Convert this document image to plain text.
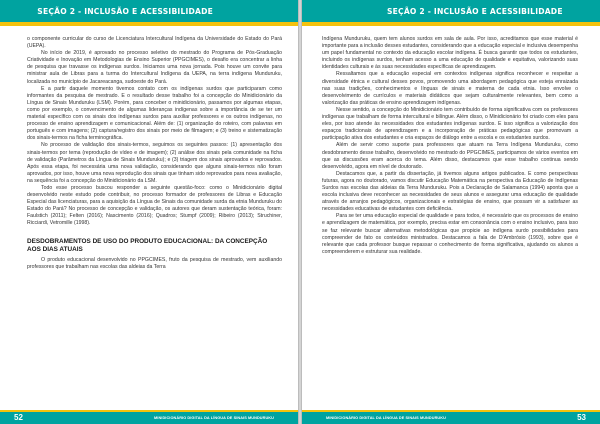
SEÇÃO 2 - INCLUSÃO E ACESSIBILIDADE

o componente curricular do curso de Licenciatura Intercultural Indígena da Universidade do Estado do Pará (UEPA).

No início de 2019, é aprovado no processo seletivo do mestrado do Programa de Pós-Graduação Criatividade e Inovação em Metodologias de Ensino Superior (PPGCIMES), o desafio era concentrar a linha de pesquisa que travasse os indígenas surdos. Iniciamos uma nova jornada. Pois houve um convite para ministrar aula de Libras para a turma do Intercultural Indígena da UEPA, na terra indígena Munduruku, localizada no município de Jacareacanga, sudoeste do Pará.

E a partir daquele momento tivemos contato com os indígenas surdos que participaram como informantes da pesquisa de mestrado. E o resultado desse trabalho foi a concepção do Minidicionário da Língua de Sinais Munduruku (LSM). Porém, para conceber o minidicionário, passamos por algumas etapas, como por exemplo, o convencimento de algumas lideranças indígenas sobre a importância de se ter um material específico com os sinais dos indígenas surdos para auxiliar professores e os outros indígenas, no processo de ensino aprendizagem e comunicacional. Além de: (1) organização do roteiro, com palavras em português e com imagens; (2) captura/registro dos sinais por meio de filmagem; e (3) treino e sistematização dos sinais-termos na ficha terminográfica.

No processo de validação dos sinais-termos, seguimos os seguintes passos: (1) apresentação dos sinais-termos por tema (reprodução de vídeo e de imagem); (2) análise dos sinais pela comunidade na ficha de validação (Parâmetros da Língua de Sinais Munduruku); e (3) triagem dos sinais aprovados e reprovados. Após essa etapa, foi necessária uma nova validação, considerando que alguns sinais-termos não foram aprovados, por isso, houve uma nova reprodução dos sinais que tinham sido reprovados para nova avaliação, na sequência foi a concepção do Minidicionário da LSM.

Todo esse processo buscou responder a seguinte questão-foco: como o Minidicionário digital desenvolvido neste estudo pode contribuir, no processo formador de professores de Libras e Educação Especial das licenciaturas, para a aquisição da Língua de Sinais da comunidade surda da etnia Munduruku do Estado do Pará? No processo de concepção e validação, os autores que deram sustentação teórica, foram: Faulstich (2011); Felten (2016); Nascimento (2016); Quadros; Stumpf (2009); Ribeiro (2013); Struchiner, Ricciardi, Vetromille (1998).

DESDOBRAMENTOS DE USO DO PRODUTO EDUCACIONAL: DA CONCEPÇÃO AOS DIAS ATUAIS

O produto educacional desenvolvido no PPGCIMES, fruto da pesquisa de mestrado, vem auxiliando professores que trabalham nas escolas das aldeias da Terra

52	MINIDICIONÁRIO DIGITAL DA LÍNGUA DE SINAIS MUNDURUKU
SEÇÃO 2 - INCLUSÃO E ACESSIBILIDADE

Indígena Munduruku, quem tem alunos surdos em sala de aula. Por isso, acreditamos que esse material é importante para a inclusão desses estudantes, considerando que a educação especial e inclusiva desempenha um papel fundamental no contexto da educação escolar indígena. É busca garantir que todos os estudantes, incluindo os indígenas surdos, tenham acesso a uma educação de qualidade e equitativa, valorizando suas identidades culturais e às suas necessidades específicas de aprendizagem.

Ressaltamos que a educação especial em contextos indígenas significa reconhecer e respeitar a diversidade étnica e cultural desses povos, promovendo uma abordagem pedagógica que esteja enraizada nas suas tradições, conhecimentos e línguas de sinais e materna de cada etnia. Isso envolve o desenvolvimento de currículos e materiais didáticos que sejam culturalmente relevantes, bem como a valorização das práticas de ensino aprendizagem indígenas.

Nesse sentido, a concepção do Minidicionário tem contribuído de forma significativa com os professores indígenas que trabalham de forma intercultural e bilíngue. Além disso, o Minidicionário foi criado com eles para eles, por isso atende às necessidades dos estudantes indígenas surdos. E isso significa a valorização dos espaços tradicionais de aprendizagem e a incorporação de práticas pedagógicas que promovam a participação ativa dos estudantes e cria espaços de diálogo entre a escola e os estudantes surdos.

Além de servir como suporte para professores que atuam na Terra Indígena Munduruku, como desdobramento desse trabalho, desenvolvido no mestrado do PPGCIMES, participamos de vários eventos em que as discussões eram acerca do tema. Além disso, destacamos que esse trabalho continua sendo desenvolvido, agora em nível de doutorado.

Destacamos que, a partir da dissertação, já tivemos alguns artigos publicados. E como perspectivas futuras, agora no doutorado, vamos discutir Educação Matemática na perspectiva da Educação de Indígenas Surdos nas escolas das aldeias da Terra Munduruku. Pois a Declaração de Salamanca (1994) aponta que a escola inclusiva deve reconhecer as necessidades de seus alunos e assegurar uma educação de qualidade através de arranjos pedagógicos, organizacionais e estratégias de ensino, que possam vir a satisfazer as necessidades educativas de estudantes com deficiência.

Para se ter uma educação especial de qualidade e para todos, é necessário que os processos de ensino e aprendizagem de matemática, por exemplo, precisa estar em consonância com o ensino inclusivo, para isso se faz relevante buscar alternativas metodológicas que propicie ao indígena surdo possibilidades para compreender de fato os conteúdos ministrados. Destacamos a fala de D'Ambrósio (1993), sobre que é relevante que cada professor busque repassar o conhecimento de forma significativa, ajudando os alunos a compreenderem e estruturar sua realidade.

MINIDICIONÁRIO DIGITAL DA LÍNGUA DE SINAIS MUNDURUKU	53
